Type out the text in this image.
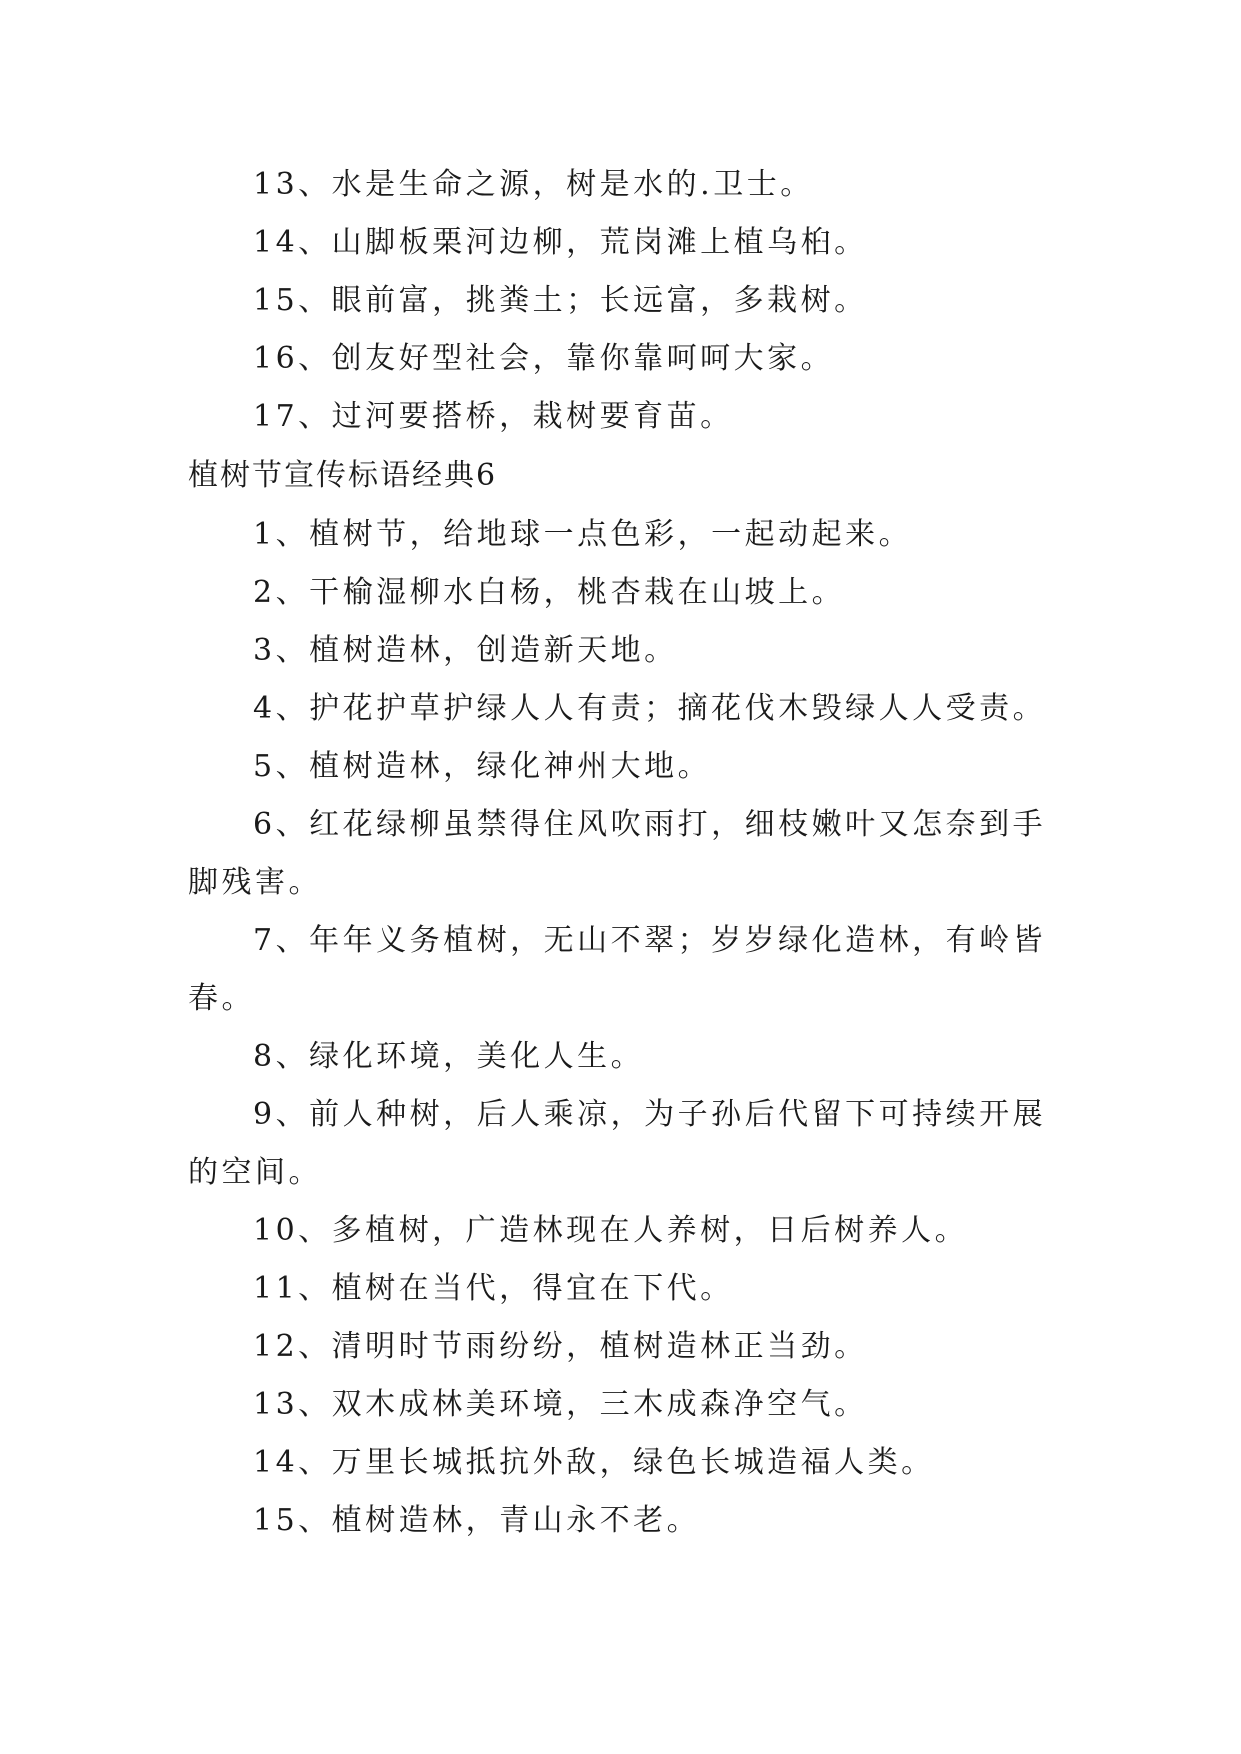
13、水是生命之源，树是水的.卫士。
14、山脚板栗河边柳，荒岗滩上植乌桕。
15、眼前富，挑粪土；长远富，多栽树。
16、创友好型社会，靠你靠呵呵大家。
17、过河要搭桥，栽树要育苗。
植树节宣传标语经典6
1、植树节，给地球一点色彩，一起动起来。
2、干榆湿柳水白杨，桃杏栽在山坡上。
3、植树造林，创造新天地。
4、护花护草护绿人人有责；摘花伐木毁绿人人受责。
5、植树造林，绿化神州大地。
6、红花绿柳虽禁得住风吹雨打，细枝嫩叶又怎奈到手
脚残害。
7、年年义务植树，无山不翠；岁岁绿化造林，有岭皆
春。
8、绿化环境，美化人生。
9、前人种树，后人乘凉，为子孙后代留下可持续开展
的空间。
10、多植树，广造林现在人养树，日后树养人。
11、植树在当代，得宜在下代。
12、清明时节雨纷纷，植树造林正当劲。
13、双木成林美环境，三木成森净空气。
14、万里长城抵抗外敌，绿色长城造福人类。
15、植树造林，青山永不老。
